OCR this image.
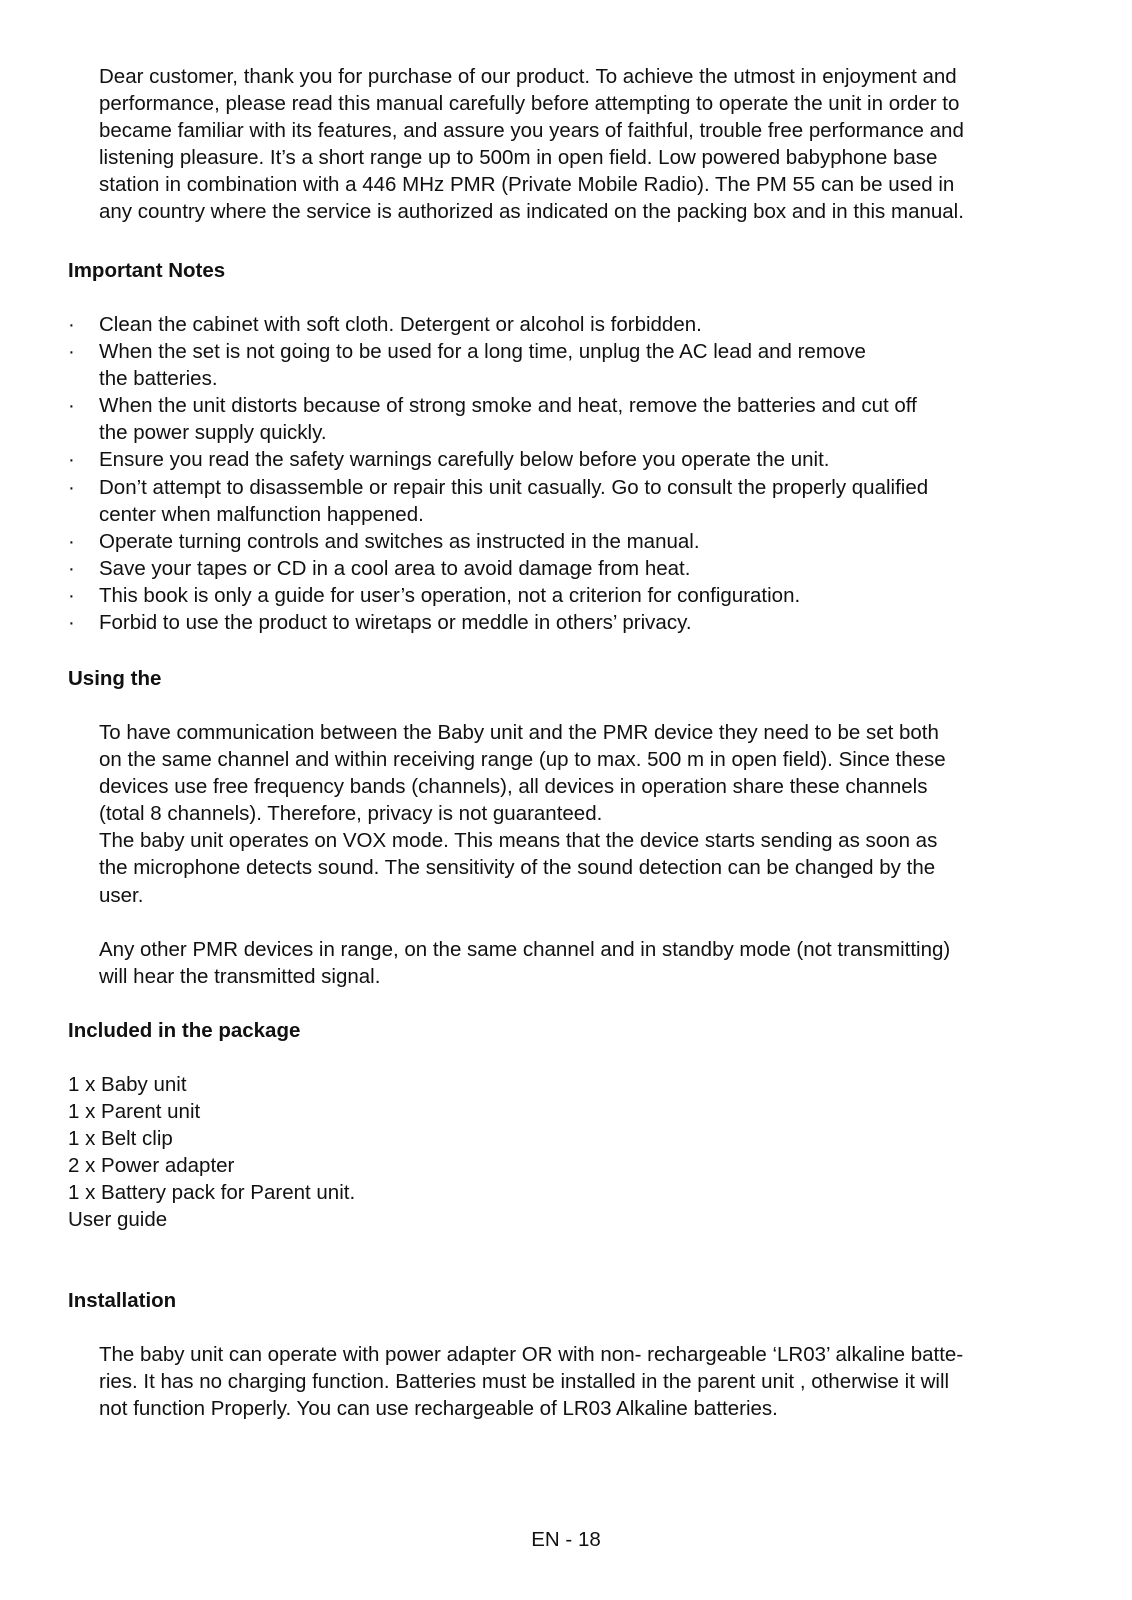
Dear customer, thank you for purchase of our product. To achieve the utmost in enjoyment and
performance, please read this manual carefully before attempting to operate the unit in order to
became familiar with its features, and assure you years of faithful, trouble free performance and
listening pleasure. It’s a short range up to 500m in open field. Low powered babyphone base
station in combination with a 446 MHz PMR (Private Mobile Radio). The PM 55 can be used in
any country where the service is authorized as indicated on the packing box and in this manual.
Important Notes
· Clean the cabinet with soft cloth. Detergent or alcohol is forbidden.
· When the set is not going to be used for a long time, unplug the AC lead and remove
the batteries.
· When the unit distorts because of strong smoke and heat, remove the batteries and cut off
the power supply quickly.
· Ensure you read the safety warnings carefully below before you operate the unit.
· Don’t attempt to disassemble or repair this unit casually. Go to consult the properly qualified
center when malfunction happened.
· Operate turning controls and switches as instructed in the manual.
· Save your tapes or CD in a cool area to avoid damage from heat.
· This book is only a guide for user’s operation, not a criterion for configuration.
· Forbid to use the product to wiretaps or meddle in others’ privacy.
Using the
To have communication between the Baby unit and the PMR device they need to be set both
on the same channel and within receiving range (up to max. 500 m in open field). Since these
devices use free frequency bands (channels), all devices in operation share these channels
(total 8 channels). Therefore, privacy is not guaranteed.
The baby unit operates on VOX mode. This means that the device starts sending as soon as
the microphone detects sound. The sensitivity of the sound detection can be changed by the
user.
Any other PMR devices in range, on the same channel and in standby mode (not transmitting)
will hear the transmitted signal.
Included in the package
1 x Baby unit
1 x Parent unit
1 x Belt clip
2 x Power adapter
1 x Battery pack for Parent unit.
User guide
Installation
The baby unit can operate with power adapter OR with non- rechargeable ‘LR03’ alkaline batte-
ries. It has no charging function. Batteries must be installed in the parent unit , otherwise it will
not function Properly. You can use rechargeable of LR03 Alkaline batteries.
EN - 18
